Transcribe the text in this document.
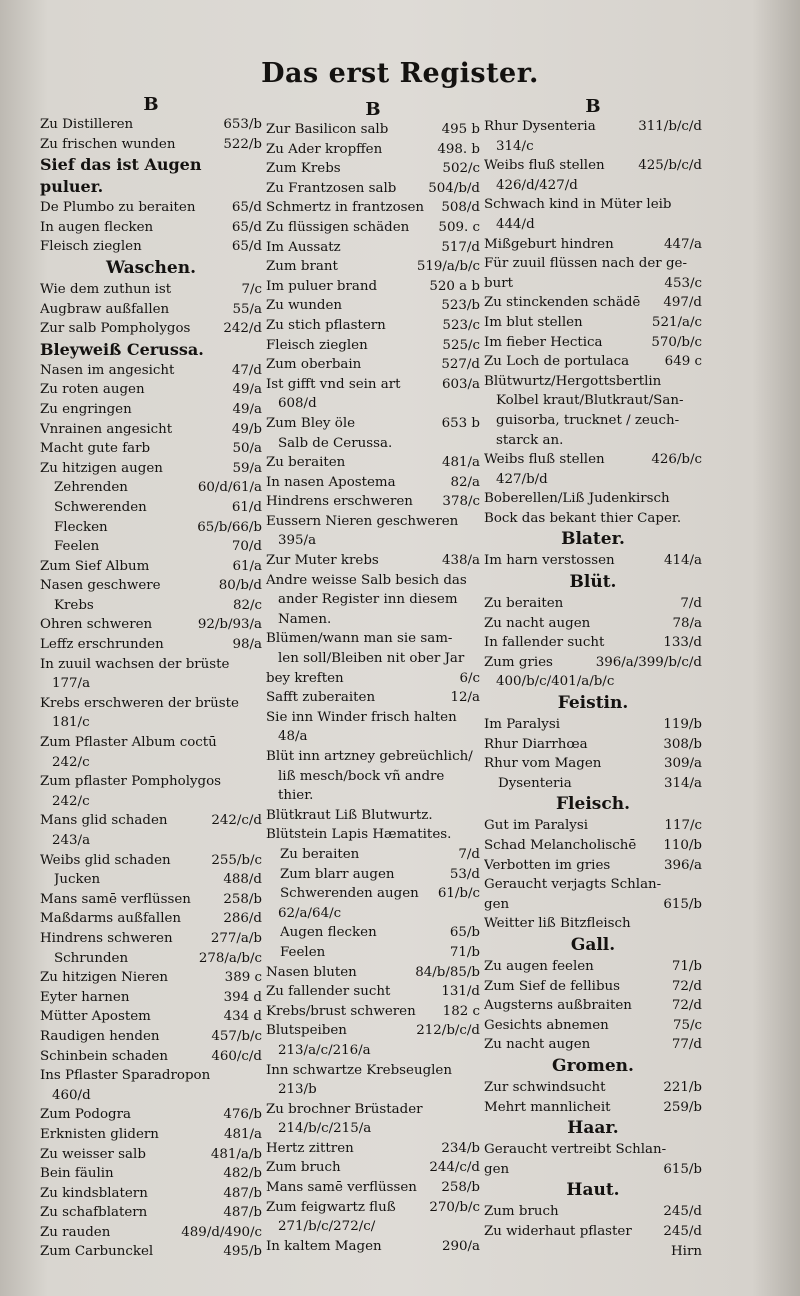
Das erst Register.
B
Zu Distilleren	653/b
Zu frischen wunden	522/b
Sief das ist Augen puluer.
De Plumbo zu beraiten	65/d
In augen flecken	65/d
Fleisch zieglen	65/d
Waschen.
Wie dem zuthun ist	7/c
Augbraw außfallen	55/a
Zur salb Pompholygos	242/d
Bleyweiß Cerussa.
Nasen im angesicht	47/d
Zu roten augen	49/a
Zu engringen	49/a
Vnrainen angesicht	49/b
Macht gute farb	50/a
Zu hitzigen augen	59/a
Zehrenden	60/d/61/a
Schwerenden	61/d
Flecken	65/b/66/b
Feelen	70/d
Zum Sief Album	61/a
Nasen geschwere	80/b/d
Krebs	82/c
Ohren schweren	92/b/93/a
Leffz erschrunden	98/a
In zuuil wachsen der brüste
177/a
Krebs erschweren der brüste
181/c
Zum Pflaster Album coctū
242/c
Zum pflaster Pompholygos
242/c
Mans glid schaden	242/c/d
243/a
Weibs glid schaden	255/b/c
Jucken	488/d
Mans samē verflüssen	258/b
Maßdarms außfallen	286/d
Hindrens schweren	277/a/b
Schrunden	278/a/b/c
Zu hitzigen Nieren	389 c
Eyter harnen	394 d
Mütter Apostem	434 d
Raudigen henden	457/b/c
Schinbein schaden	460/c/d
Ins Pflaster Sparadropon
460/d
Zum Podogra	476/b
Erknisten glidern	481/a
Zu weisser salb	481/a/b
Bein fäulin	482/b
Zu kindsblatern	487/b
Zu schafblatern	487/b
Zu rauden	489/d/490/c
Zum Carbunckel	495/b
B
Zur Basilicon salb	495 b
Zu Ader kropffen	498. b
Zum Krebs	502/c
Zu Frantzosen salb	504/b/d
Schmertz in frantzosen	508/d
Zu flüssigen schäden	509. c
Im Aussatz	517/d
Zum brant	519/a/b/c
Im puluer brand	520 a b
Zu wunden	523/b
Zu stich pflastern	523/c
Fleisch zieglen	525/c
Zum oberbain	527/d
Ist gifft vnd sein art	603/a
608/d
Zum Bley öle	653 b
Salb de Cerussa.
Zu beraiten	481/a
In nasen Apostema	82/a
Hindrens erschweren	378/c
Eussern Nieren geschweren
395/a
Zur Muter krebs	438/a
Andre weisse Salb besich das
ander Register inn diesem
Namen.
Blümen/wann man sie sam-
len soll/Bleiben nit ober Jar
bey kreften	6/c
Safft zuberaiten	12/a
Sie inn Winder frisch halten
48/a
Blüt inn artzney gebreüchlich/
liß mesch/bock vñ andre thier.
Blütkraut Liß Blutwurtz.
Blütstein Lapis Hæmatites.
Zu beraiten	7/d
Zum blarr augen	53/d
Schwerenden augen	61/b/c
62/a/64/c
Augen flecken	65/b
Feelen	71/b
Nasen bluten	84/b/85/b
Zu fallender sucht	131/d
Krebs/brust schweren	182 c
Blutspeiben	212/b/c/d
213/a/c/216/a
Inn schwartze Krebseuglen
213/b
Zu brochner Brüstader
214/b/c/215/a
Hertz zittren	234/b
Zum bruch	244/c/d
Mans samē verflüssen	258/b
Zum feigwartz fluß	270/b/c
271/b/c/272/c/
In kaltem Magen	290/a
B
Rhur Dysenteria	311/b/c/d
314/c
Weibs fluß stellen	425/b/c/d
426/d/427/d
Schwach kind in Müter leib
444/d
Mißgeburt hindren	447/a
Für zuuil flüssen nach der ge-
burt	453/c
Zu stinckenden schädē	497/d
Im blut stellen	521/a/c
Im fieber Hectica	570/b/c
Zu Loch de portulaca	649 c
Blütwurtz/Hergottsbertlin
Kolbel kraut/Blutkraut/San-
guisorba, trucknet / zeuch-
starck an.
Weibs fluß stellen	426/b/c
427/b/d
Boberellen/Liß Judenkirsch
Bock das bekant thier Caper.
Blater.
Im harn verstossen	414/a
Blüt.
Zu beraiten	7/d
Zu nacht augen	78/a
In fallender sucht	133/d
Zum gries	396/a/399/b/c/d
400/b/c/401/a/b/c
Feistin.
Im Paralysi	119/b
Rhur Diarrhœa	308/b
Rhur vom Magen	309/a
Dysenteria	314/a
Fleisch.
Gut im Paralysi	117/c
Schad Melancholischē	110/b
Verbotten im gries	396/a
Geraucht verjagts Schlan-
gen	615/b
Weitter liß Bitzfleisch
Gall.
Zu augen feelen	71/b
Zum Sief de fellibus	72/d
Augsterns außbraiten	72/d
Gesichts abnemen	75/c
Zu nacht augen	77/d
Gromen.
Zur schwindsucht	221/b
Mehrt mannlicheit	259/b
Haar.
Geraucht vertreibt Schlan-
gen	615/b
Haut.
Zum bruch	245/d
Zu widerhaut pflaster	245/d
Hirn
